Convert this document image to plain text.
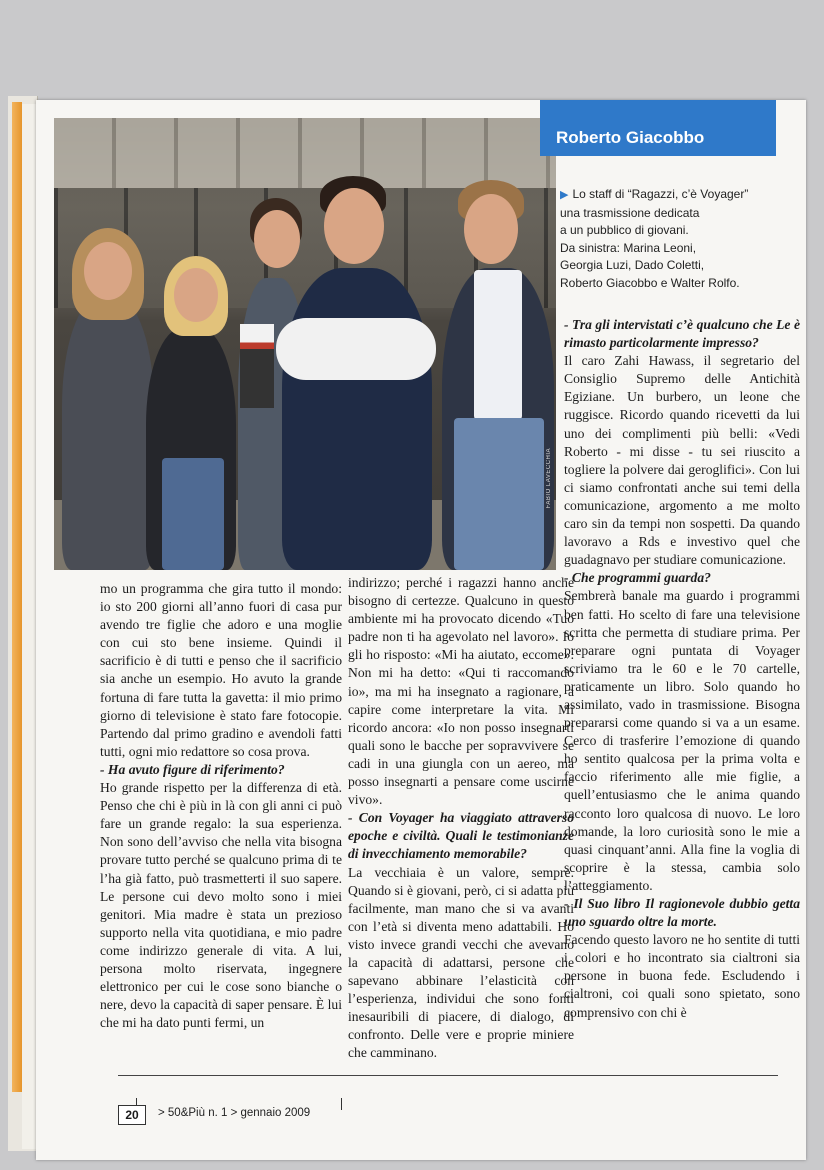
FABIO LAVECCHIA
Roberto Giacobbo
▶ Lo staff di “Ragazzi, c’è Voyager”
una trasmissione dedicata
a un pubblico di giovani.
Da sinistra: Marina Leoni,
Georgia Luzi, Dado Coletti,
Roberto Giacobbo e Walter Rolfo.

mo un programma che gira tutto il mondo: io sto 200 giorni all’anno fuori di casa pur avendo tre figlie che adoro e una moglie con cui sto bene insieme. Quindi il sacrificio è di tutti e penso che il sacrificio sia anche un esempio. Ho avuto la grande fortuna di fare tutta la gavetta: il mio primo giorno di televisione è stato fare fotocopie. Partendo dal primo gradino e avendoli fatti tutti, ogni mio redattore so cosa prova.

- Ha avuto figure di riferimento?

Ho grande rispetto per la differenza di età. Penso che chi è più in là con gli anni ci può fare un grande regalo: la sua esperienza. Non sono dell’avviso che nella vita bisogna provare tutto perché se qualcuno prima di te l’ha già fatto, può trasmetterti il suo sapere. Le persone cui devo molto sono i miei genitori. Mia madre è stata un prezioso supporto nella vita quotidiana, e mio padre come indirizzo generale di vita. A lui, persona molto riservata, ingegnere elettronico per cui le cose sono bianche o nere, devo la capacità di saper pensare. È lui che mi ha dato punti fermi, un

indirizzo; perché i ragazzi hanno anche bisogno di certezze. Qualcuno in questo ambiente mi ha provocato dicendo «Tuo padre non ti ha agevolato nel lavoro». Io gli ho risposto: «Mi ha aiutato, eccome». Non mi ha detto: «Qui ti raccomando io», ma mi ha insegnato a ragionare, a capire come interpretare la vita. Mi ricordo ancora: «Io non posso insegnarti quali sono le bacche per sopravvivere se cadi in una giungla con un aereo, ma posso insegnarti a pensare come uscirne vivo».

- Con Voyager ha viaggiato attraverso epoche e civiltà. Quali le testimonianze di invecchiamento memorabile?

La vecchiaia è un valore, sempre. Quando si è giovani, però, ci si adatta più facilmente, man mano che si va avanti con l’età si diventa meno adattabili. Ho visto invece grandi vecchi che avevano la capacità di adattarsi, persone che sapevano abbinare l’elasticità con l’esperienza, individui che sono fonti inesauribili di piacere, di dialogo, di confronto. Delle vere e proprie miniere che camminano.

- Tra gli intervistati c’è qualcuno che Le è rimasto particolarmente impresso?

Il caro Zahi Hawass, il segretario del Consiglio Supremo delle Antichità Egiziane. Un burbero, un leone che ruggisce. Ricordo quando ricevetti da lui uno dei complimenti più belli: «Vedi Roberto - mi disse - tu sei riuscito a togliere la polvere dai geroglifici». Con lui ci siamo confrontati anche sui temi della comunicazione, argomento a me molto caro sin da tempi non sospetti. Da quando lavoravo a Rds e investivo quel che guadagnavo per studiare comunicazione.

- Che programmi guarda?

Sembrerà banale ma guardo i programmi ben fatti. Ho scelto di fare una televisione scritta che permetta di studiare prima. Per preparare ogni puntata di Voyager scriviamo tra le 60 e le 70 cartelle, praticamente un libro. Solo quando ho assimilato, vado in trasmissione. Bisogna prepararsi come quando si va a un esame. Cerco di trasferire l’emozione di quando ho sentito qualcosa per la prima volta e faccio riferimento alle mie figlie, a quell’entusiasmo che le anima quando racconto loro qualcosa di nuovo. Le loro domande, la loro curiosità sono le mie a quasi cinquant’anni. Alla fine la voglia di scoprire è la stessa, cambia solo l’atteggiamento.

- Il Suo libro Il ragionevole dubbio getta uno sguardo oltre la morte.

Facendo questo lavoro ne ho sentite di tutti i colori e ho incontrato sia cialtroni sia persone in buona fede. Escludendo i cialtroni, coi quali sono spietato, sono comprensivo con chi è

20	> 50&Più n. 1 > gennaio 2009
